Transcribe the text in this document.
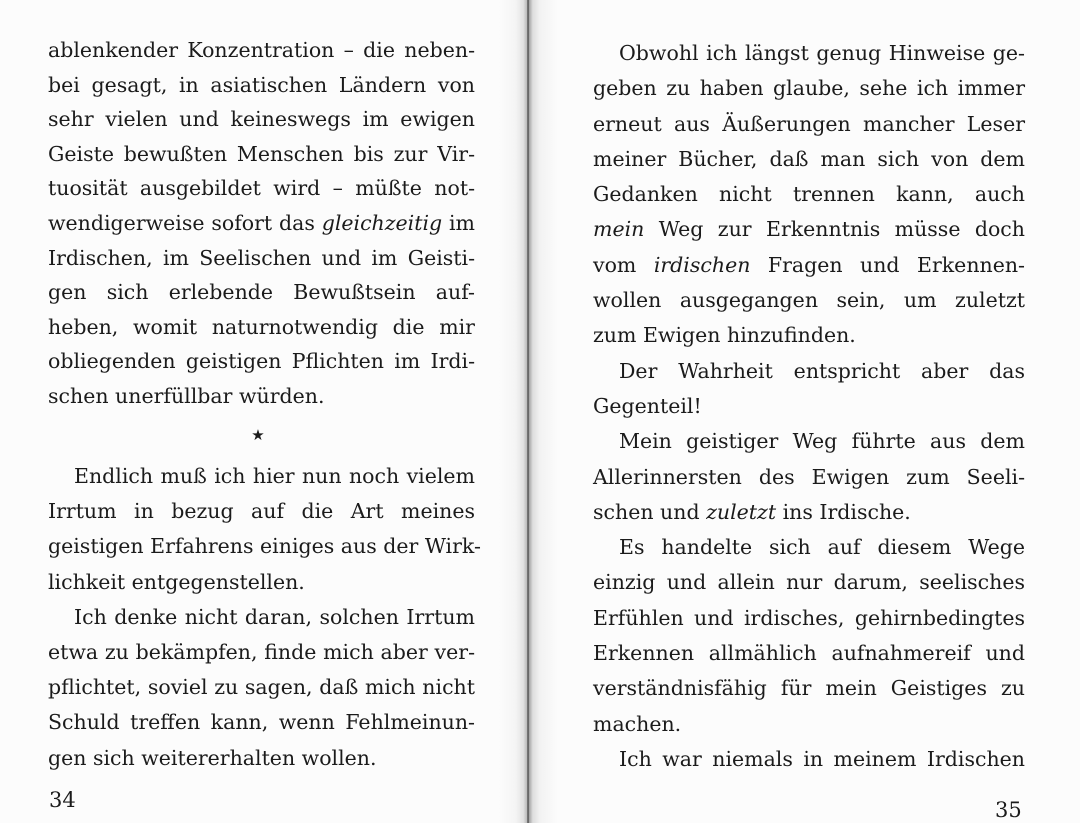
ablenkender Konzentration – die neben-
bei gesagt, in asiatischen Ländern von
sehr vielen und keineswegs im ewigen
Geiste bewußten Menschen bis zur Vir-
tuosität ausgebildet wird – müßte not-
wendigerweise sofort das gleichzeitig im
Irdischen, im Seelischen und im Geisti-
gen sich erlebende Bewußtsein auf-
heben, womit naturnotwendig die mir
obliegenden geistigen Pflichten im Irdi-
schen unerfüllbar würden.
★
Endlich muß ich hier nun noch vielem
Irrtum in bezug auf die Art meines
geistigen Erfahrens einiges aus der Wirk-
lichkeit entgegenstellen.
Ich denke nicht daran, solchen Irrtum
etwa zu bekämpfen, finde mich aber ver-
pflichtet, soviel zu sagen, daß mich nicht
Schuld treffen kann, wenn Fehlmeinun-
gen sich weitererhalten wollen.
34
Obwohl ich längst genug Hinweise ge-
geben zu haben glaube, sehe ich immer
erneut aus Äußerungen mancher Leser
meiner Bücher, daß man sich von dem
Gedanken nicht trennen kann, auch
mein Weg zur Erkenntnis müsse doch
vom irdischen Fragen und Erkennen-
wollen ausgegangen sein, um zuletzt
zum Ewigen hinzufinden.
Der Wahrheit entspricht aber das
Gegenteil!
Mein geistiger Weg führte aus dem
Allerinnersten des Ewigen zum Seeli-
schen und zuletzt ins Irdische.
Es handelte sich auf diesem Wege
einzig und allein nur darum, seelisches
Erfühlen und irdisches, gehirnbedingtes
Erkennen allmählich aufnahmereif und
verständnisfähig für mein Geistiges zu
machen.
Ich war niemals in meinem Irdischen
35
